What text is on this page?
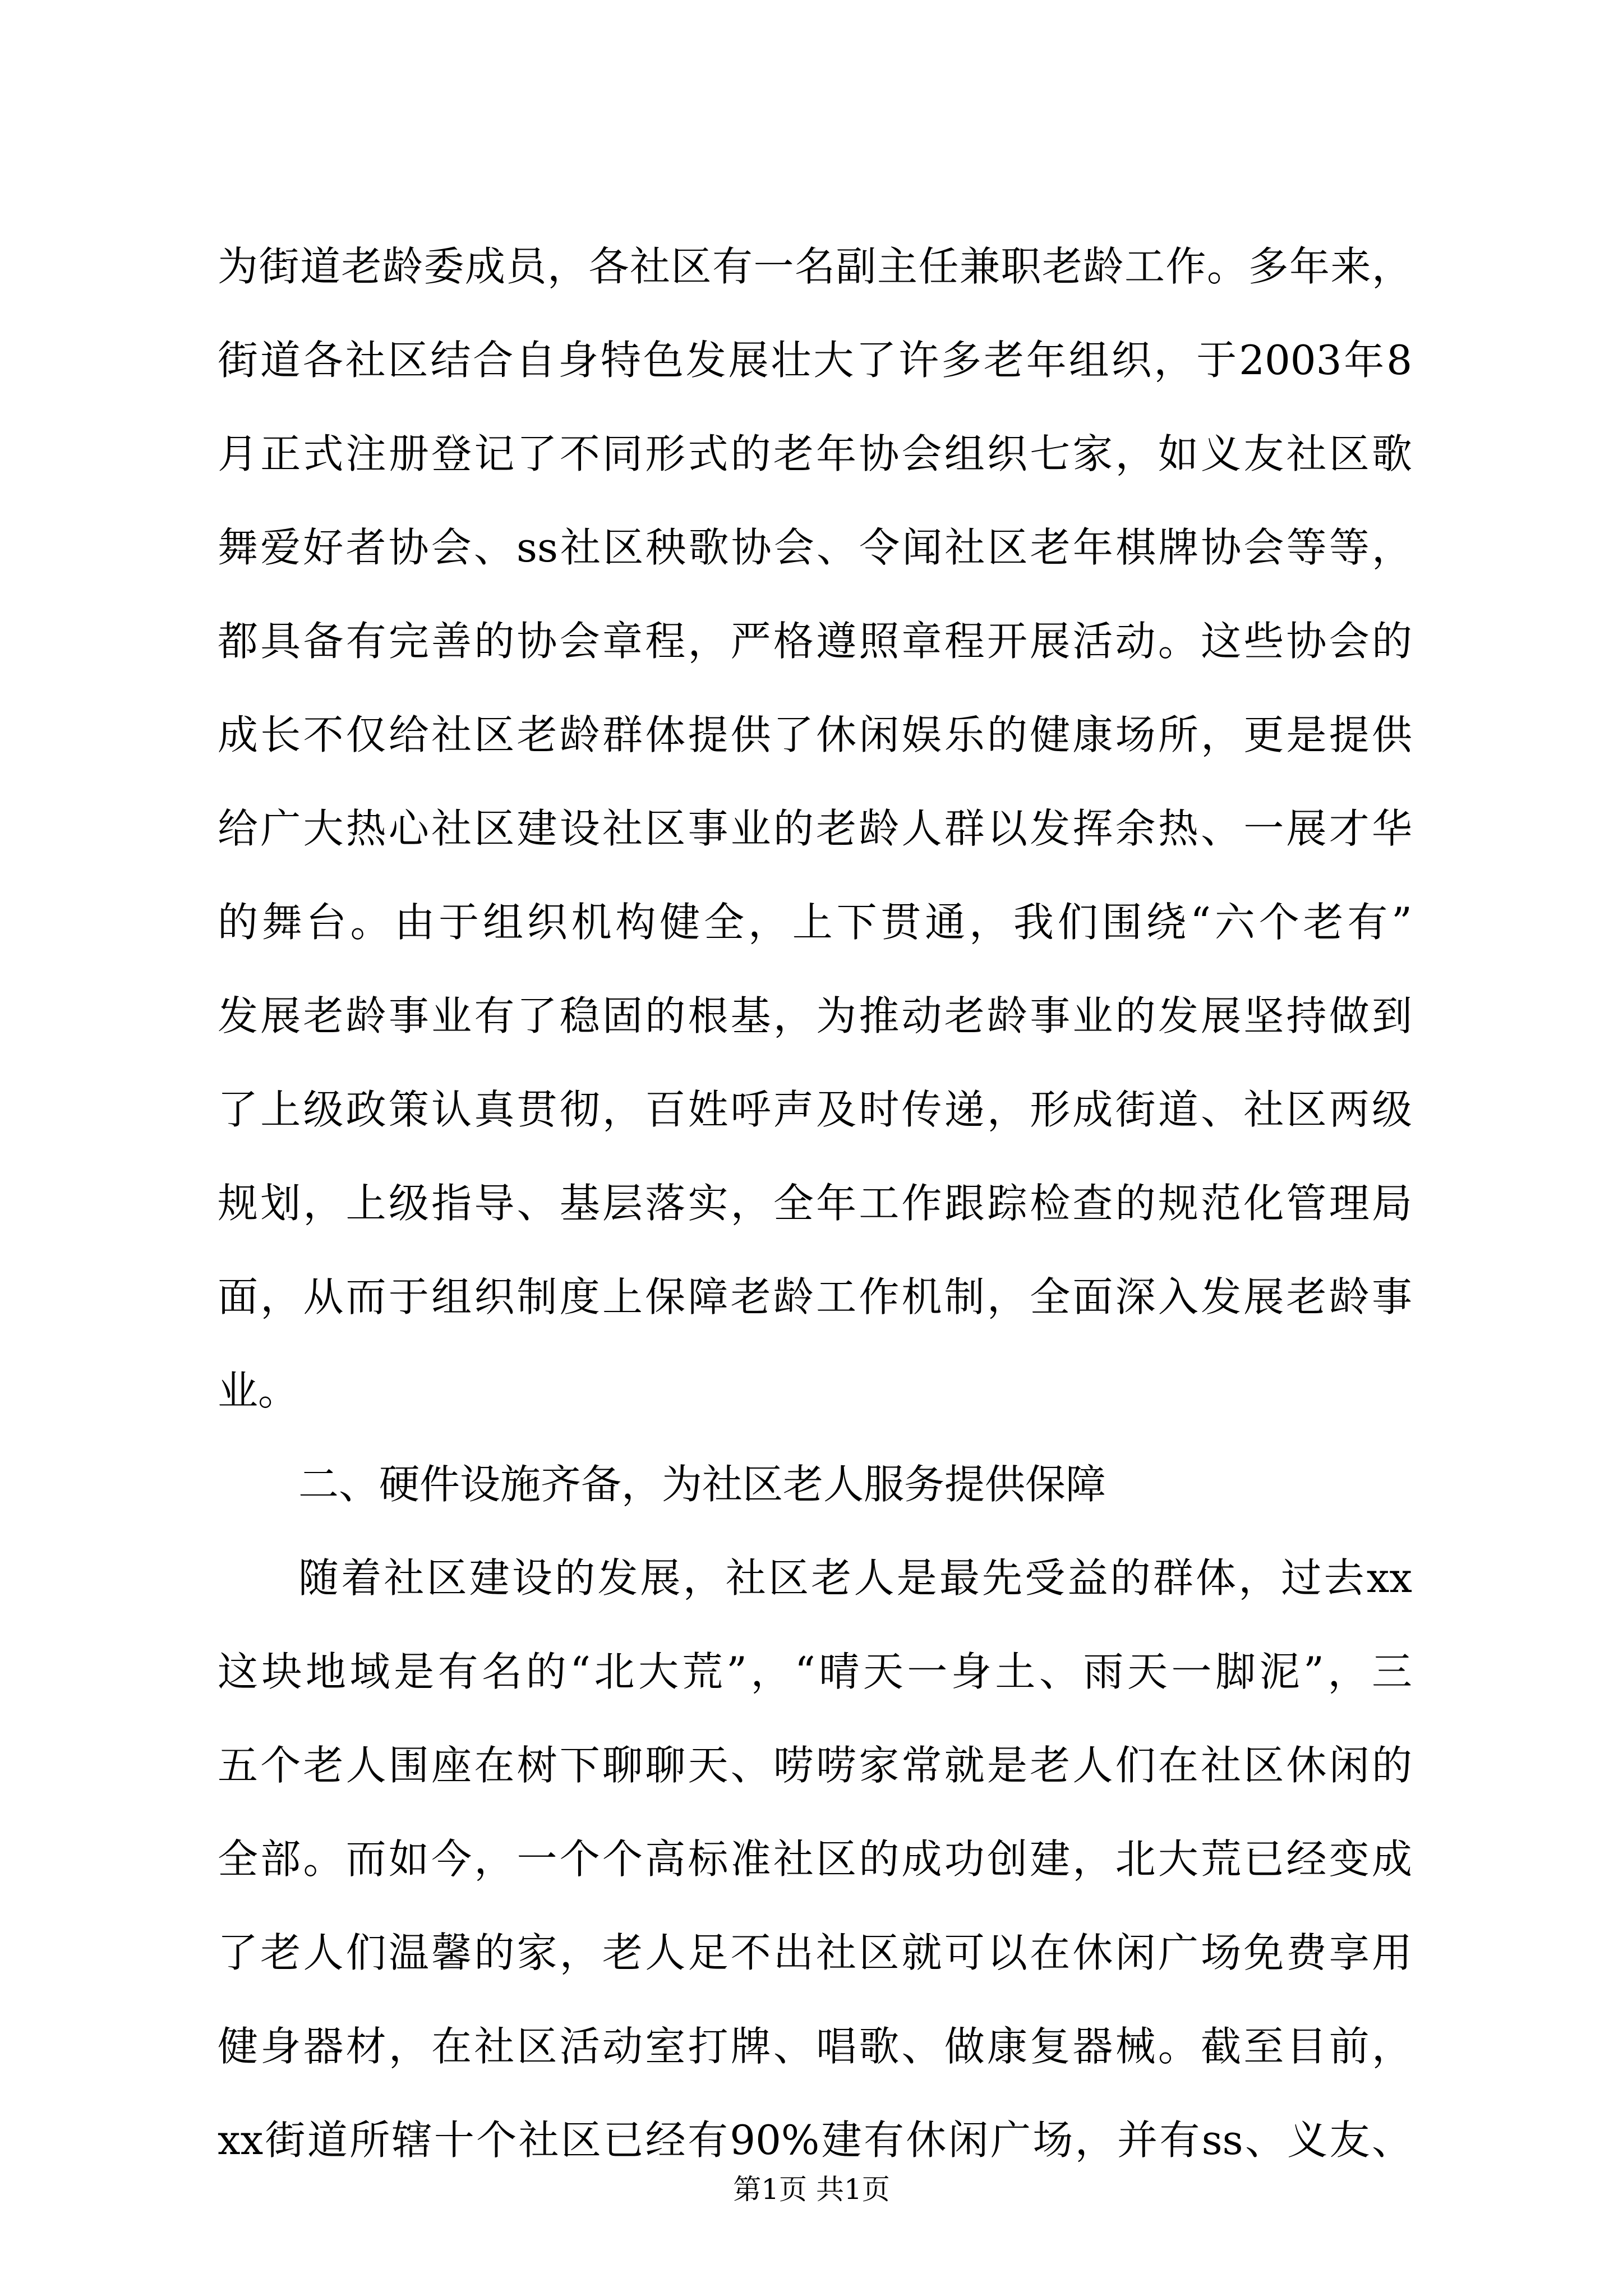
为街道老龄委成员，各社区有一名副主任兼职老龄工作。多年来，
街道各社区结合自身特色发展壮大了许多老年组织，于2003年8
月正式注册登记了不同形式的老年协会组织七家，如义友社区歌
舞爱好者协会、ss社区秧歌协会、令闻社区老年棋牌协会等等，
都具备有完善的协会章程，严格遵照章程开展活动。这些协会的
成长不仅给社区老龄群体提供了休闲娱乐的健康场所，更是提供
给广大热心社区建设社区事业的老龄人群以发挥余热、一展才华
的舞台。由于组织机构健全，上下贯通，我们围绕“六个老有”
发展老龄事业有了稳固的根基，为推动老龄事业的发展坚持做到
了上级政策认真贯彻，百姓呼声及时传递，形成街道、社区两级
规划，上级指导、基层落实，全年工作跟踪检查的规范化管理局
面，从而于组织制度上保障老龄工作机制，全面深入发展老龄事
业。
二、硬件设施齐备，为社区老人服务提供保障
随着社区建设的发展，社区老人是最先受益的群体，过去xx
这块地域是有名的“北大荒”，“晴天一身土、雨天一脚泥”，三
五个老人围座在树下聊聊天、唠唠家常就是老人们在社区休闲的
全部。而如今，一个个高标准社区的成功创建，北大荒已经变成
了老人们温馨的家，老人足不出社区就可以在休闲广场免费享用
健身器材，在社区活动室打牌、唱歌、做康复器械。截至目前，
xx街道所辖十个社区已经有90%建有休闲广场，并有ss、义友、
第1页 共1页
